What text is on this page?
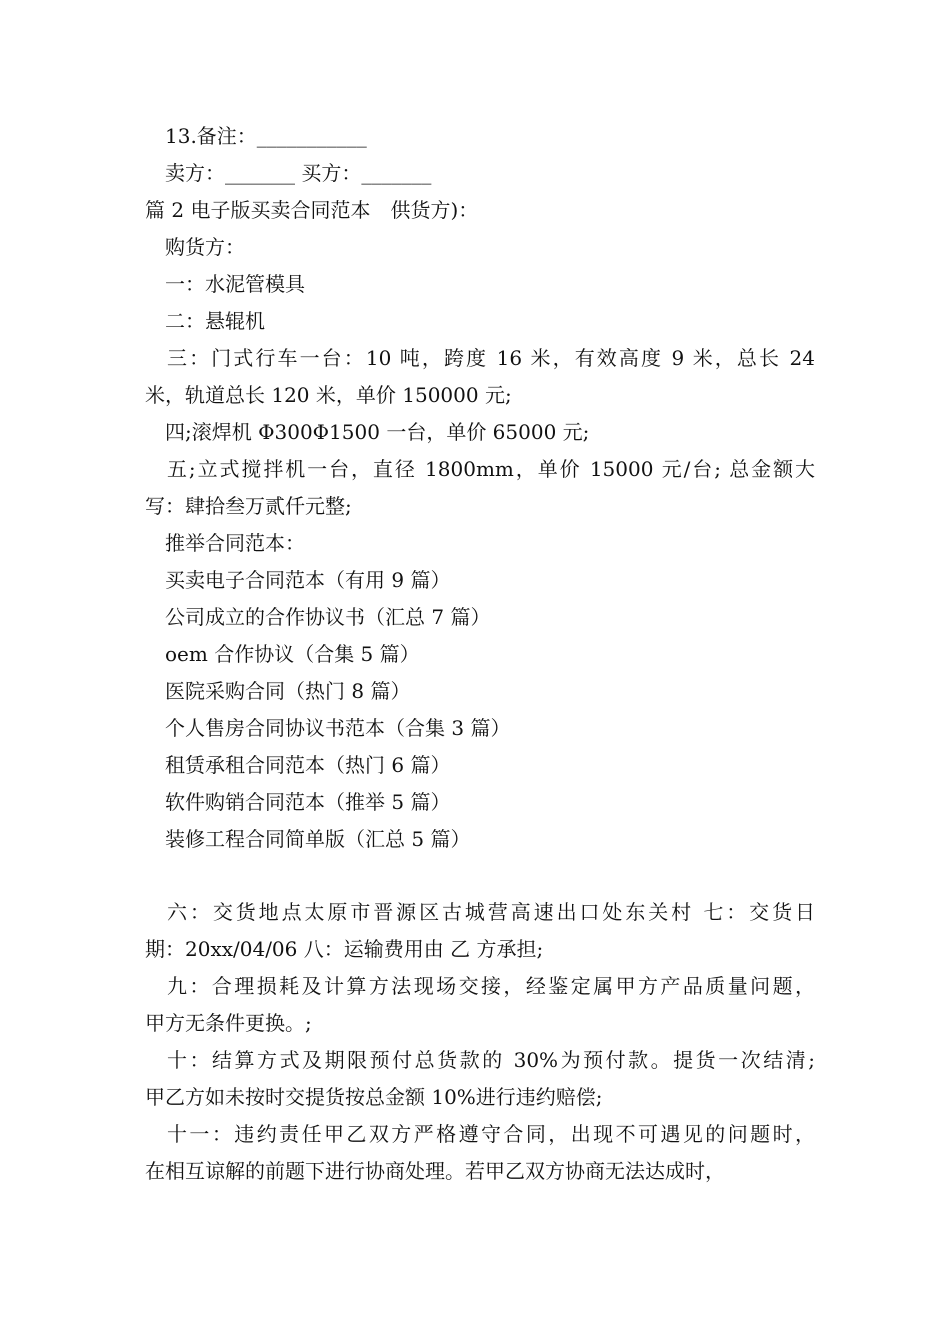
13.备注：___________
卖方：_______ 买方：_______
篇 2 电子版买卖合同范本　供货方)：
购货方：
一：水泥管模具
二：悬辊机
三：门式行车一台：10 吨，跨度 16 米，有效高度 9 米，总长 24
米，轨道总长 120 米，单价 150000 元;
四;滚焊机 Φ300Φ1500 一台，单价 65000 元;
五;立式搅拌机一台，直径 1800mm，单价 15000 元/台; 总金额大
写：肆拾叁万贰仟元整;
推举合同范本：
买卖电子合同范本（有用 9 篇）
公司成立的合作协议书（汇总 7 篇）
oem 合作协议（合集 5 篇）
医院采购合同（热门 8 篇）
个人售房合同协议书范本（合集 3 篇）
租赁承租合同范本（热门 6 篇）
软件购销合同范本（推举 5 篇）
装修工程合同简单版（汇总 5 篇）
六：交货地点太原市晋源区古城营高速出口处东关村 七：交货日
期：20xx/04/06 八：运输费用由 乙 方承担;
九：合理损耗及计算方法现场交接，经鉴定属甲方产品质量问题，
甲方无条件更换。;
十：结算方式及期限预付总货款的 30%为预付款。提货一次结清;
甲乙方如未按时交提货按总金额 10%进行违约赔偿;
十一：违约责任甲乙双方严格遵守合同，出现不可遇见的问题时，
在相互谅解的前题下进行协商处理。若甲乙双方协商无法达成时，
